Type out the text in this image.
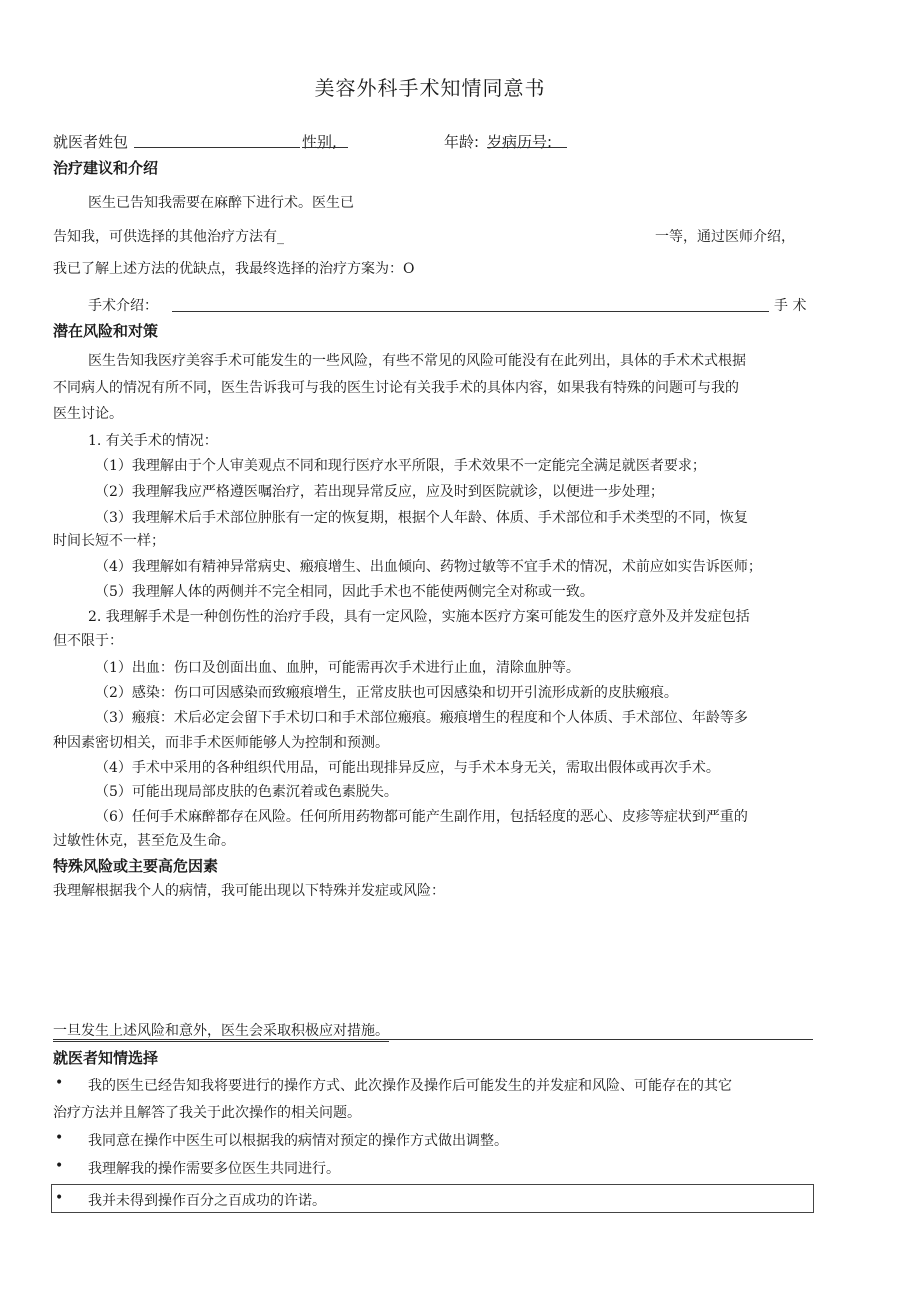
美容外科手术知情同意书
就医者姓包	性别,	年龄: 岁病历号:
治疗建议和介绍
医生已告知我需要在麻醉下进行术。医生已
告知我，可供选择的其他治疗方法有_	一等，通过医师介绍，
我已了解上述方法的优缺点，我最终选择的治疗方案为：O
手术介绍：	手 术
潜在风险和对策
医生告知我医疗美容手术可能发生的一些风险，有些不常见的风险可能没有在此列出，具体的手术术式根据
不同病人的情况有所不同，医生告诉我可与我的医生讨论有关我手术的具体内容，如果我有特殊的问题可与我的
医生讨论。
1. 有关手术的情况：
（1）我理解由于个人审美观点不同和现行医疗水平所限，手术效果不一定能完全满足就医者要求；
（2）我理解我应严格遵医嘱治疗，若出现异常反应，应及时到医院就诊，以便进一步处理；
（3）我理解术后手术部位肿胀有一定的恢复期，根据个人年龄、体质、手术部位和手术类型的不同，恢复
时间长短不一样；
（4）我理解如有精神异常病史、瘢痕增生、出血倾向、药物过敏等不宜手术的情况，术前应如实告诉医师；
（5）我理解人体的两侧并不完全相同，因此手术也不能使两侧完全对称或一致。
2. 我理解手术是一种创伤性的治疗手段，具有一定风险，实施本医疗方案可能发生的医疗意外及并发症包括
但不限于：
（1）出血：伤口及创面出血、血肿，可能需再次手术进行止血，清除血肿等。
（2）感染：伤口可因感染而致瘢痕增生，正常皮肤也可因感染和切开引流形成新的皮肤瘢痕。
（3）瘢痕：术后必定会留下手术切口和手术部位瘢痕。瘢痕增生的程度和个人体质、手术部位、年龄等多
种因素密切相关，而非手术医师能够人为控制和预测。
（4）手术中采用的各种组织代用品，可能出现排异反应，与手术本身无关，需取出假体或再次手术。
（5）可能出现局部皮肤的色素沉着或色素脱失。
（6）任何手术麻醉都存在风险。任何所用药物都可能产生副作用，包括轻度的恶心、皮疹等症状到严重的
过敏性休克，甚至危及生命。
特殊风险或主要高危因素
我理解根据我个人的病情，我可能出现以下特殊并发症或风险：
一旦发生上述风险和意外，医生会采取积极应对措施。
就医者知情选择
• 我的医生已经告知我将要进行的操作方式、此次操作及操作后可能发生的并发症和风险、可能存在的其它
治疗方法并且解答了我关于此次操作的相关问题。
• 我同意在操作中医生可以根据我的病情对预定的操作方式做出调整。
• 我理解我的操作需要多位医生共同进行。
• 我并未得到操作百分之百成功的许诺。
